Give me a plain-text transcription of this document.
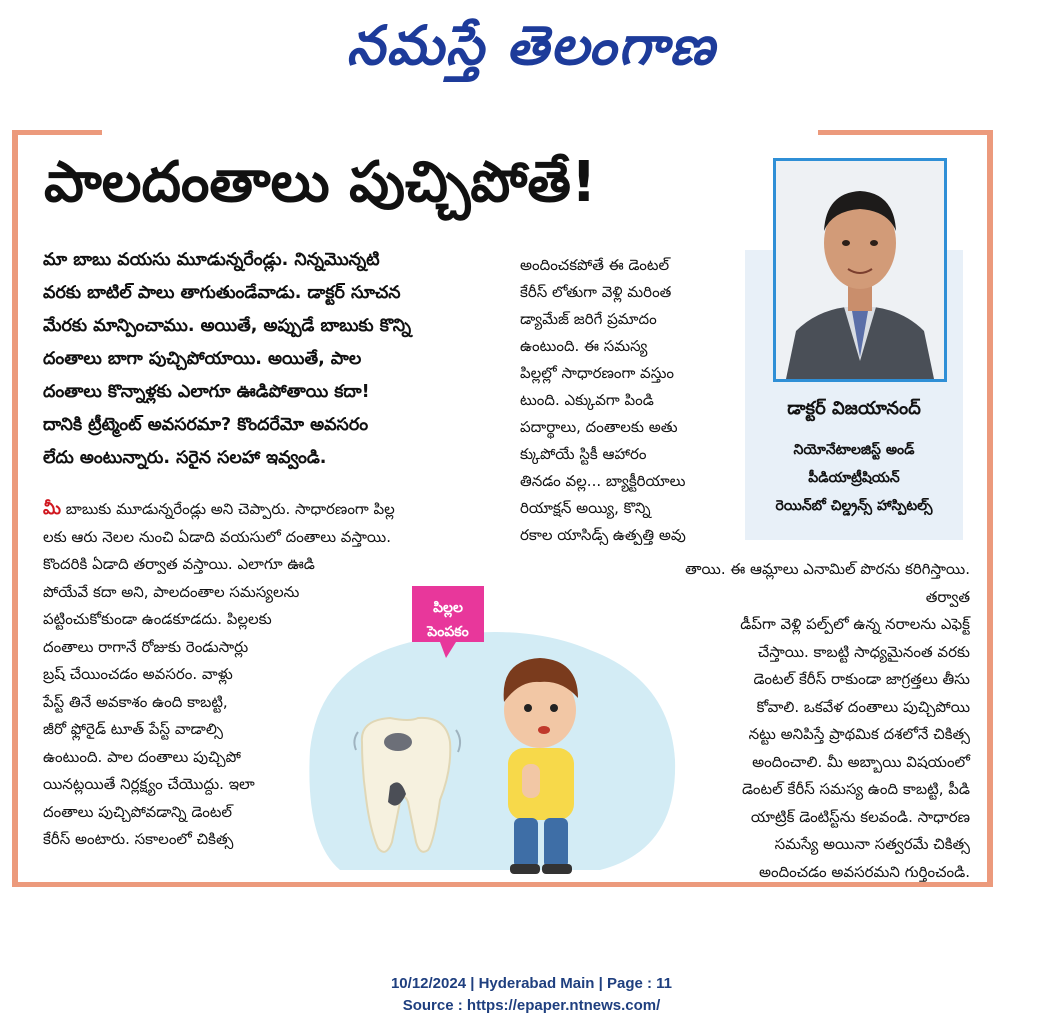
నమస్తే తెలంగాణ
పాలదంతాలు పుచ్చిపోతే!

మా బాబు వయసు మూడున్నరేండ్లు. నిన్నమొన్నటి

వరకు బాటిల్ పాలు తాగుతుండేవాడు. డాక్టర్ సూచన

మేరకు మాన్పించాము. అయితే, అప్పుడే బాబుకు కొన్ని

దంతాలు బాగా పుచ్చిపోయాయి. అయితే, పాల

దంతాలు కొన్నాళ్లకు ఎలాగూ ఊడిపోతాయి కదా!

దానికి ట్రీట్మెంట్ అవసరమా? కొందరేమో అవసరం

లేదు అంటున్నారు. సరైన సలహా ఇవ్వండి.

డాక్టర్ విజయానంద్
నియోనేటాలజిస్ట్ అండ్
పీడియాట్రీషియన్
రెయిన్‌బో చిల్డ్రన్స్ హాస్పిటల్స్

అందించకపోతే ఈ డెంటల్

కేరీస్ లోతుగా వెళ్లి మరింత

డ్యామేజ్ జరిగే ప్రమాదం

ఉంటుంది. ఈ సమస్య

పిల్లల్లో సాధారణంగా వస్తుం

టుంది. ఎక్కువగా పిండి

పదార్థాలు, దంతాలకు అతు

క్కుపోయే స్టికీ ఆహారం

తినడం వల్ల... బ్యాక్టీరియాలు

రియాక్షన్ అయ్యి, కొన్ని

రకాల యాసిడ్స్ ఉత్పత్తి అవు

మీ బాబుకు మూడున్నరేండ్లు అని చెప్పారు. సాధారణంగా పిల్ల

లకు ఆరు నెలల నుంచి ఏడాది వయసులో దంతాలు వస్తాయి.

కొందరికి ఏడాది తర్వాత వస్తాయి. ఎలాగూ ఊడి

పోయేవే కదా అని, పాలదంతాల సమస్యలను

పట్టించుకోకుండా ఉండకూడదు. పిల్లలకు

దంతాలు రాగానే రోజుకు రెండుసార్లు

బ్రష్ చేయించడం అవసరం. వాళ్లు

పేస్ట్ తినే అవకాశం ఉంది కాబట్టి,

జీరో ఫ్లోరైడ్ టూత్ పేస్ట్ వాడాల్సి

ఉంటుంది. పాల దంతాలు పుచ్చిపో

యినట్లయితే నిర్లక్ష్యం చేయొద్దు. ఇలా

దంతాలు పుచ్చిపోవడాన్ని డెంటల్

కేరీస్ అంటారు. సకాలంలో చికిత్స

పిల్లల
పెంపకం

తాయి. ఈ ఆమ్లాలు ఎనామిల్ పొరను కరిగిస్తాయి. తర్వాత

డీప్‌గా వెళ్లి పల్ప్‌లో ఉన్న నరాలను ఎఫెక్ట్

చేస్తాయి. కాబట్టి సాధ్యమైనంత వరకు

డెంటల్ కేరీస్ రాకుండా జాగ్రత్తలు తీసు

కోవాలి. ఒకవేళ దంతాలు పుచ్చిపోయి

నట్టు అనిపిస్తే ప్రాథమిక దశలోనే చికిత్స

అందించాలి. మీ అబ్బాయి విషయంలో

డెంటల్ కేరీస్ సమస్య ఉంది కాబట్టి, పీడి

యాట్రిక్ డెంటిస్ట్‌ను కలవండి. సాధారణ

సమస్యే అయినా సత్వరమే చికిత్స

అందించడం అవసరమని గుర్తించండి.

10/12/2024 | Hyderabad Main | Page : 11
Source : https://epaper.ntnews.com/
